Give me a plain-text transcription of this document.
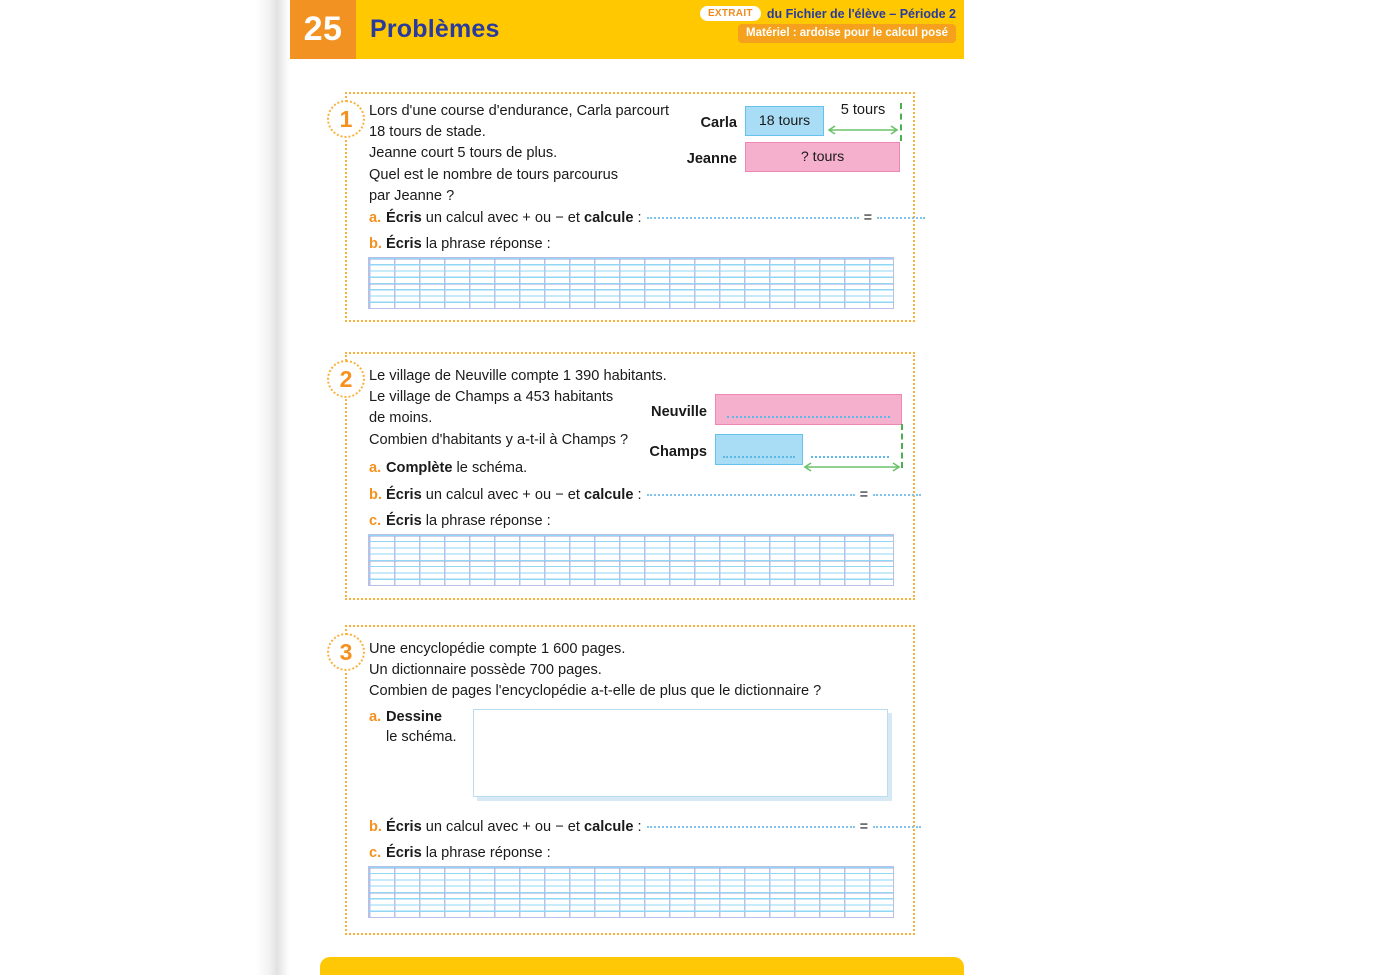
25	Problèmes
EXTRAIT	du Fichier de l'élève – Période 2
Matériel : ardoise pour le calcul posé
1	Lors d'une course d'endurance, Carla parcourt
18 tours de stade.
Jeanne court 5 tours de plus.
Quel est le nombre de tours parcourus
par Jeanne ?
Carla	18 tours
5 tours
Jeanne	? tours
a. Écris un calcul avec + ou − et calcule :	=
b. Écris la phrase réponse :
2	Le village de Neuville compte 1 390 habitants.
Le village de Champs a 453 habitants
de moins.
Combien d'habitants y a-t-il à Champs ?
Neuville
Champs
a. Complète le schéma.
b. Écris un calcul avec + ou − et calcule :	=
c. Écris la phrase réponse :
3	Une encyclopédie compte 1 600 pages.
Un dictionnaire possède 700 pages.
Combien de pages l'encyclopédie a-t-elle de plus que le dictionnaire ?
a. Dessine
le schéma.
b. Écris un calcul avec + ou − et calcule :	=
c. Écris la phrase réponse :
